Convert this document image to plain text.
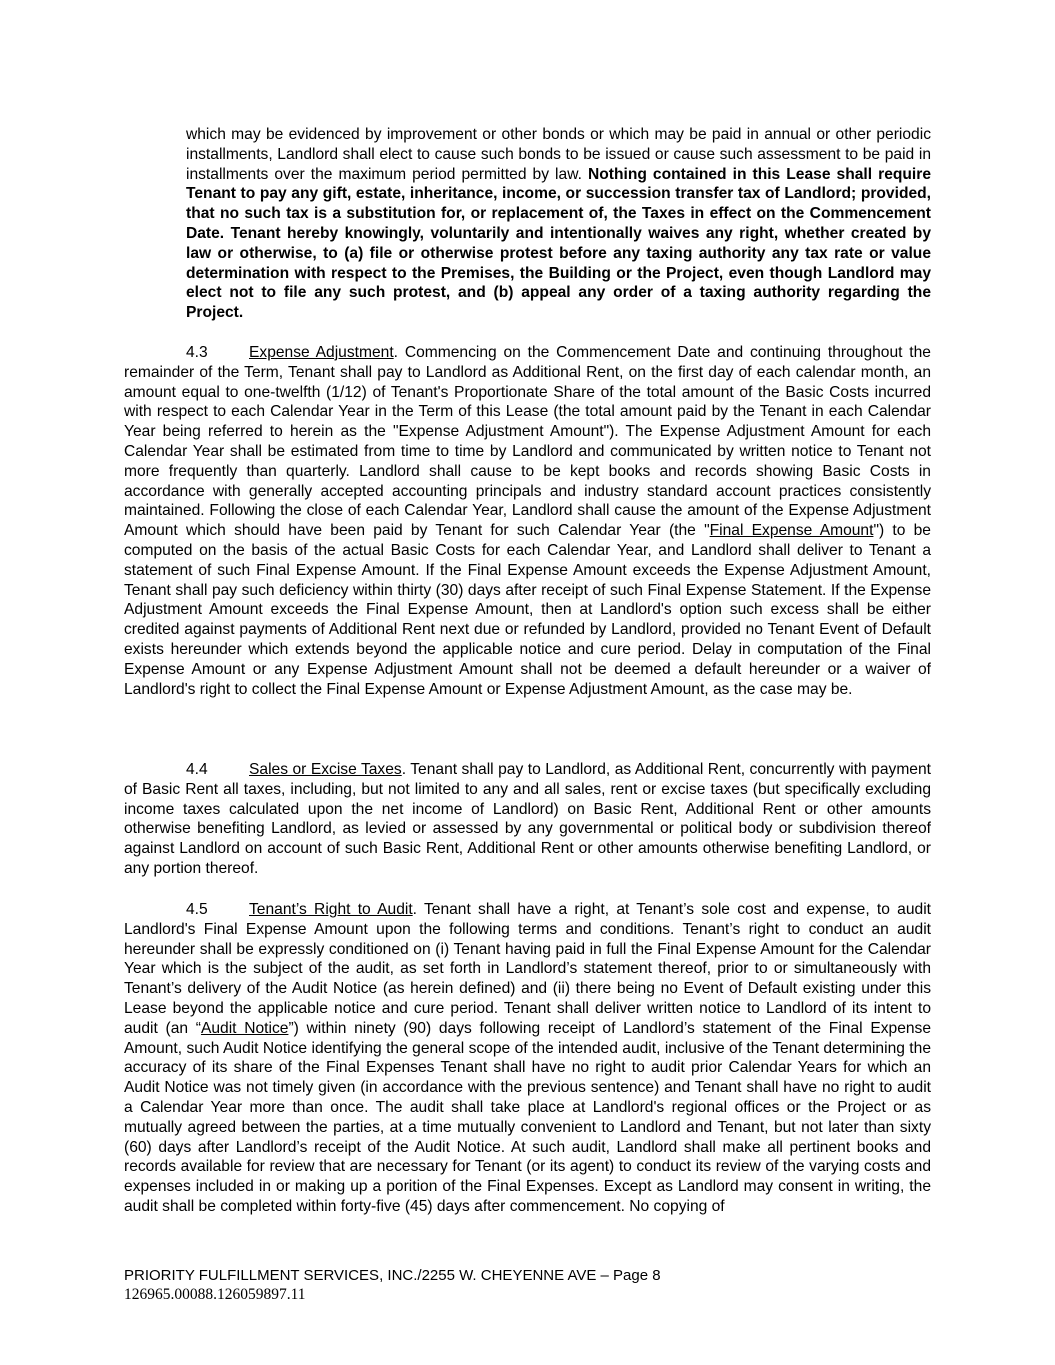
which may be evidenced by improvement or other bonds or which may be paid in annual or other periodic installments, Landlord shall elect to cause such bonds to be issued or cause such assessment to be paid in installments over the maximum period permitted by law. Nothing contained in this Lease shall require Tenant to pay any gift, estate, inheritance, income, or succession transfer tax of Landlord; provided, that no such tax is a substitution for, or replacement of, the Taxes in effect on the Commencement Date. Tenant hereby knowingly, voluntarily and intentionally waives any right, whether created by law or otherwise, to (a) file or otherwise protest before any taxing authority any tax rate or value determination with respect to the Premises, the Building or the Project, even though Landlord may elect not to file any such protest, and (b) appeal any order of a taxing authority regarding the Project.
4.3	Expense Adjustment. Commencing on the Commencement Date and continuing throughout the remainder of the Term, Tenant shall pay to Landlord as Additional Rent, on the first day of each calendar month, an amount equal to one-twelfth (1/12) of Tenant's Proportionate Share of the total amount of the Basic Costs incurred with respect to each Calendar Year in the Term of this Lease (the total amount paid by the Tenant in each Calendar Year being referred to herein as the "Expense Adjustment Amount"). The Expense Adjustment Amount for each Calendar Year shall be estimated from time to time by Landlord and communicated by written notice to Tenant not more frequently than quarterly. Landlord shall cause to be kept books and records showing Basic Costs in accordance with generally accepted accounting principals and industry standard account practices consistently maintained. Following the close of each Calendar Year, Landlord shall cause the amount of the Expense Adjustment Amount which should have been paid by Tenant for such Calendar Year (the "Final Expense Amount") to be computed on the basis of the actual Basic Costs for each Calendar Year, and Landlord shall deliver to Tenant a statement of such Final Expense Amount. If the Final Expense Amount exceeds the Expense Adjustment Amount, Tenant shall pay such deficiency within thirty (30) days after receipt of such Final Expense Statement. If the Expense Adjustment Amount exceeds the Final Expense Amount, then at Landlord's option such excess shall be either credited against payments of Additional Rent next due or refunded by Landlord, provided no Tenant Event of Default exists hereunder which extends beyond the applicable notice and cure period. Delay in computation of the Final Expense Amount or any Expense Adjustment Amount shall not be deemed a default hereunder or a waiver of Landlord's right to collect the Final Expense Amount or Expense Adjustment Amount, as the case may be.
4.4	Sales or Excise Taxes. Tenant shall pay to Landlord, as Additional Rent, concurrently with payment of Basic Rent all taxes, including, but not limited to any and all sales, rent or excise taxes (but specifically excluding income taxes calculated upon the net income of Landlord) on Basic Rent, Additional Rent or other amounts otherwise benefiting Landlord, as levied or assessed by any governmental or political body or subdivision thereof against Landlord on account of such Basic Rent, Additional Rent or other amounts otherwise benefiting Landlord, or any portion thereof.
4.5	Tenant’s Right to Audit. Tenant shall have a right, at Tenant’s sole cost and expense, to audit Landlord's Final Expense Amount upon the following terms and conditions. Tenant’s right to conduct an audit hereunder shall be expressly conditioned on (i) Tenant having paid in full the Final Expense Amount for the Calendar Year which is the subject of the audit, as set forth in Landlord’s statement thereof, prior to or simultaneously with Tenant’s delivery of the Audit Notice (as herein defined) and (ii) there being no Event of Default existing under this Lease beyond the applicable notice and cure period. Tenant shall deliver written notice to Landlord of its intent to audit (an “Audit Notice”) within ninety (90) days following receipt of Landlord’s statement of the Final Expense Amount, such Audit Notice identifying the general scope of the intended audit, inclusive of the Tenant determining the accuracy of its share of the Final Expenses Tenant shall have no right to audit prior Calendar Years for which an Audit Notice was not timely given (in accordance with the previous sentence) and Tenant shall have no right to audit a Calendar Year more than once. The audit shall take place at Landlord's regional offices or the Project or as mutually agreed between the parties, at a time mutually convenient to Landlord and Tenant, but not later than sixty (60) days after Landlord’s receipt of the Audit Notice. At such audit, Landlord shall make all pertinent books and records available for review that are necessary for Tenant (or its agent) to conduct its review of the varying costs and expenses included in or making up a porition of the Final Expenses. Except as Landlord may consent in writing, the audit shall be completed within forty-five (45) days after commencement. No copying of
PRIORITY FULFILLMENT SERVICES, INC./2255 W. CHEYENNE AVE – Page 8
126965.00088.126059897.11
